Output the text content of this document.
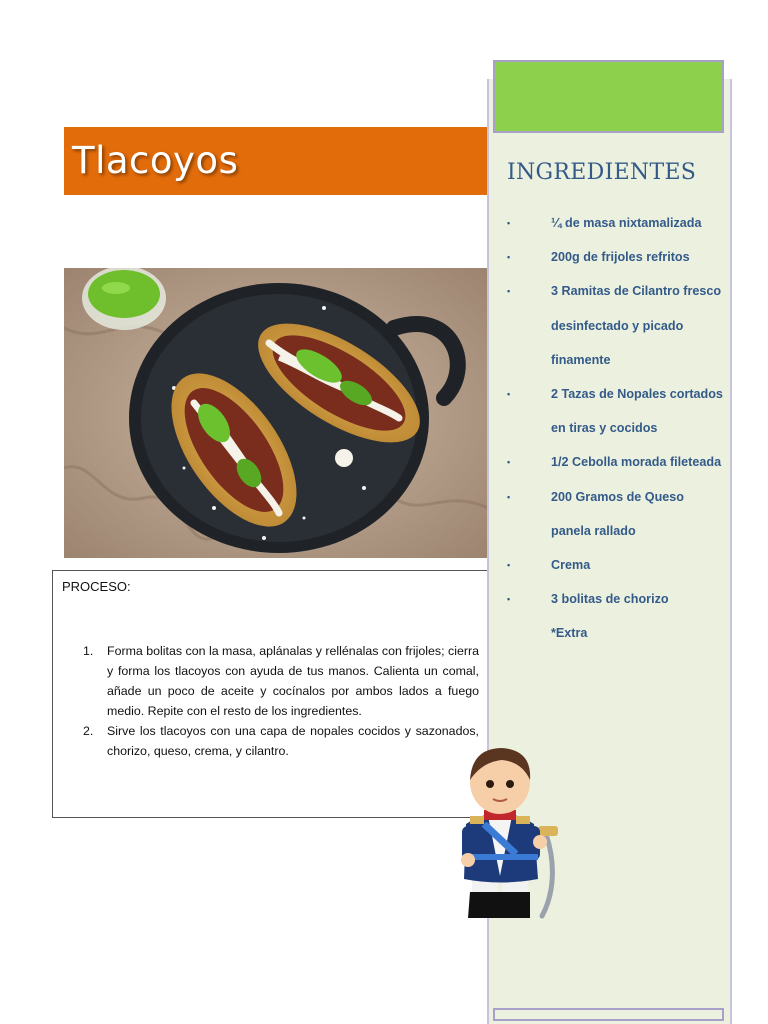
Tlacoyos
PROCESO:
1. Forma bolitas con la masa, aplánalas y rellénalas con frijoles; cierra y forma los tlacoyos con ayuda de tus manos. Calienta un comal, añade un poco de aceite y cocínalos por ambos lados a fuego medio. Repite con el resto de los ingredientes.
2. Sirve los tlacoyos con una capa de nopales cocidos y sazonados, chorizo, queso, crema, y cilantro.
INGREDIENTES
•	¼ de masa nixtamalizada
•	200g de frijoles refritos
•	3 Ramitas de Cilantro fresco desinfectado y picado finamente
•	2 Tazas de Nopales cortados en tiras y cocidos
•	1/2 Cebolla morada fileteada
•	200 Gramos de Queso panela rallado
•	Crema
•	3 bolitas de chorizo
*Extra
